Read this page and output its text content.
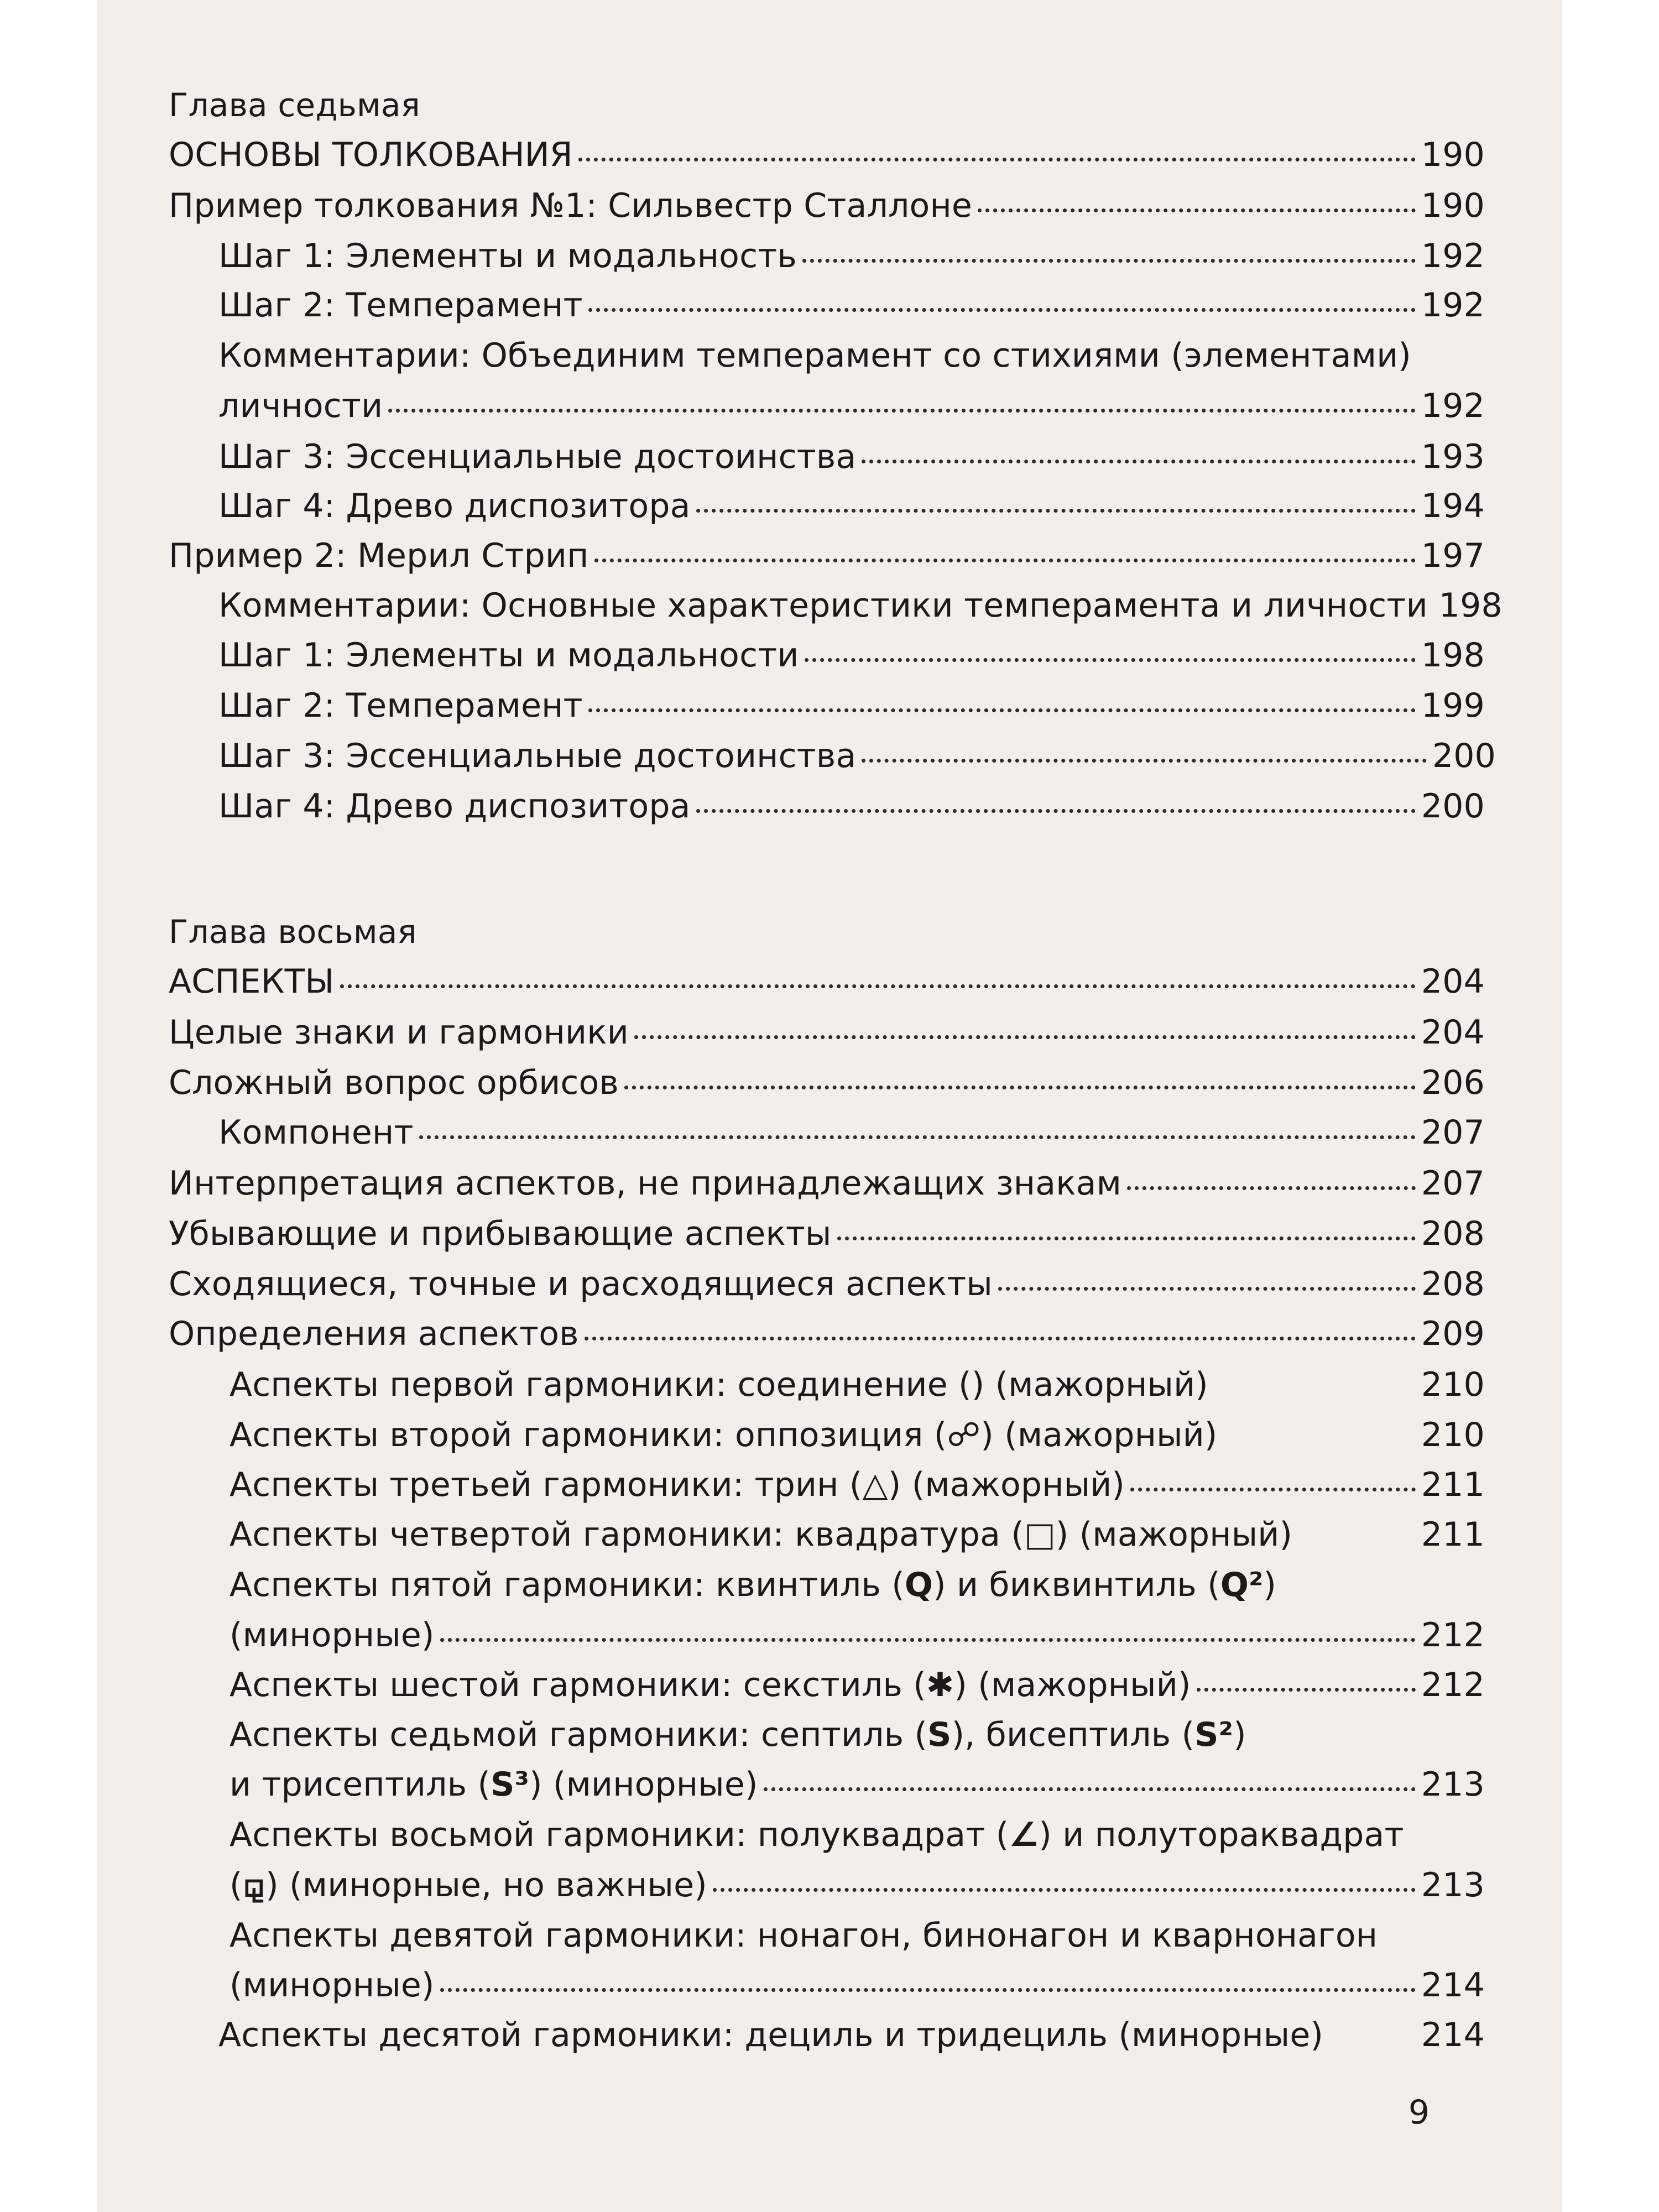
Глава седьмая
ОСНОВЫ ТОЛКОВАНИЯ	190
Пример толкования №1: Сильвестр Сталлоне	190
Шаг 1: Элементы и модальность	192
Шаг 2: Темперамент	192
Комментарии: Объединим темперамент со стихиями (элементами)
личности	192
Шаг 3: Эссенциальные достоинства	193
Шаг 4: Древо диспозитора	194
Пример 2: Мерил Стрип	197
Комментарии: Основные характеристики темперамента и личности 198
Шаг 1: Элементы и модальности	198
Шаг 2: Темперамент	199
Шаг 3: Эссенциальные достоинства	200
Шаг 4: Древо диспозитора	200
Глава восьмая
АСПЕКТЫ	204
Целые знаки и гармоники	204
Сложный вопрос орбисов	206
Компонент	207
Интерпретация аспектов, не принадлежащих знакам	207
Убывающие и прибывающие аспекты	208
Сходящиеся, точные и расходящиеся аспекты	208
Определения аспектов	209
Аспекты первой гармоники: соединение () (мажорный)	210
Аспекты второй гармоники: оппозиция (☍) (мажорный)	210
Аспекты третьей гармоники: трин (△) (мажорный)	211
Аспекты четвертой гармоники: квадратура (□) (мажорный)	211
Аспекты пятой гармоники: квинтиль (Q) и биквинтиль (Q²)
(минорные)	212
Аспекты шестой гармоники: секстиль (✱) (мажорный)	212
Аспекты седьмой гармоники: септиль (S), бисептиль (S²)
и трисептиль (S³) (минорные)	213
Аспекты восьмой гармоники: полуквадрат (∠) и полутораквадрат
(⚼) (минорные, но важные)	213
Аспекты девятой гармоники: нонагон, бинонагон и кварнонагон
(минорные)	214
Аспекты десятой гармоники: дециль и тридециль (минорные)	214
9
